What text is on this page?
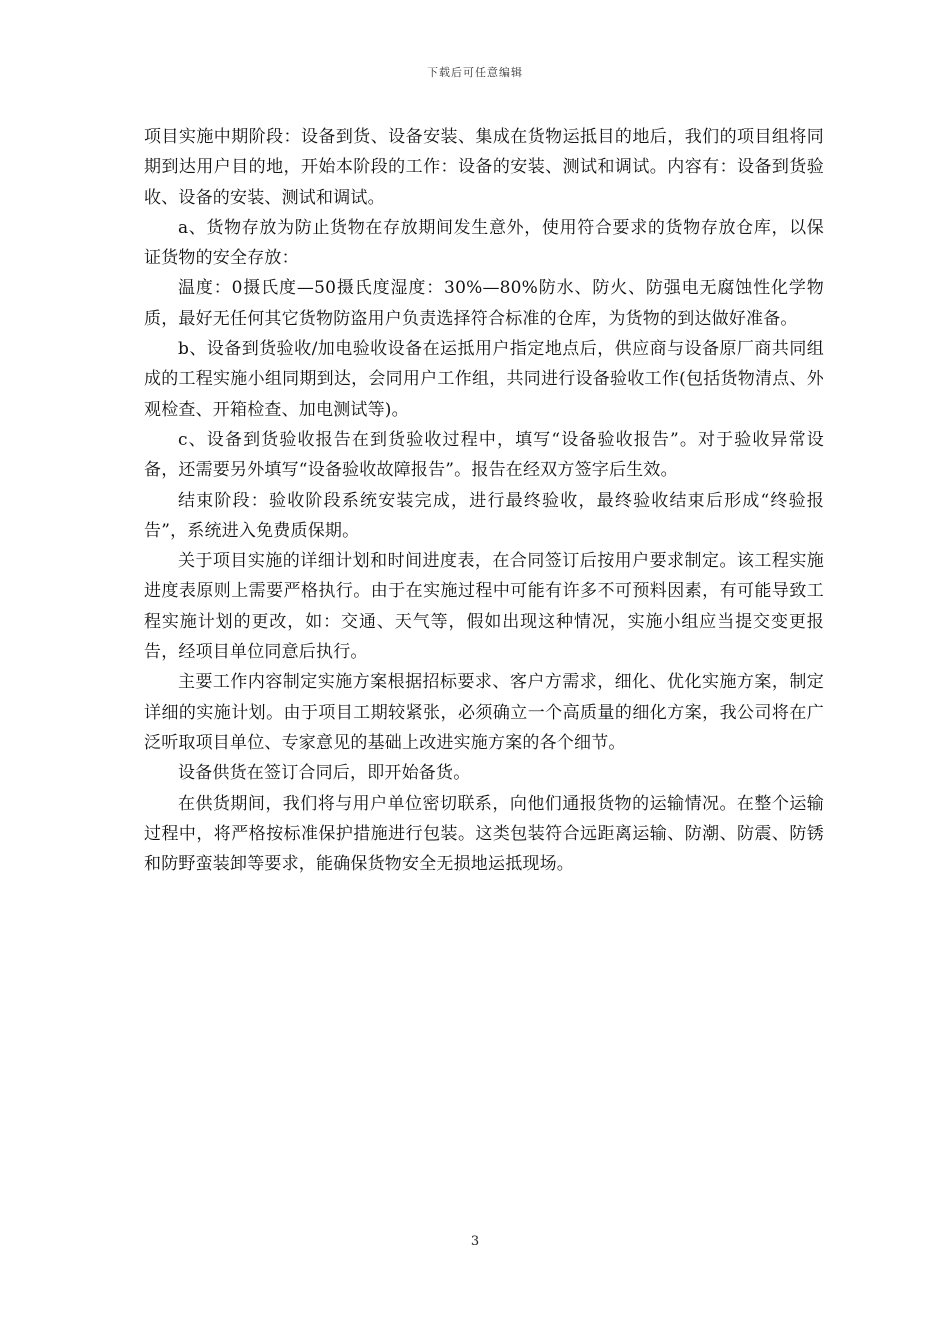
下载后可任意编辑

项目实施中期阶段：设备到货、设备安装、集成在货物运抵目的地后，我们的项目组将同期到达用户目的地，开始本阶段的工作：设备的安装、测试和调试。内容有：设备到货验收、设备的安装、测试和调试。

a、货物存放为防止货物在存放期间发生意外，使用符合要求的货物存放仓库，以保证货物的安全存放：

温度：0摄氏度—50摄氏度湿度：30%—80%防水、防火、防强电无腐蚀性化学物质，最好无任何其它货物防盗用户负责选择符合标准的仓库，为货物的到达做好准备。

b、设备到货验收/加电验收设备在运抵用户指定地点后，供应商与设备原厂商共同组成的工程实施小组同期到达，会同用户工作组，共同进行设备验收工作(包括货物清点、外观检查、开箱检查、加电测试等)。

c、设备到货验收报告在到货验收过程中，填写“设备验收报告”。对于验收异常设备，还需要另外填写“设备验收故障报告”。报告在经双方签字后生效。

结束阶段：验收阶段系统安装完成，进行最终验收，最终验收结束后形成“终验报告”，系统进入免费质保期。

关于项目实施的详细计划和时间进度表，在合同签订后按用户要求制定。该工程实施进度表原则上需要严格执行。由于在实施过程中可能有许多不可预料因素，有可能导致工程实施计划的更改，如：交通、天气等，假如出现这种情况，实施小组应当提交变更报告，经项目单位同意后执行。

主要工作内容制定实施方案根据招标要求、客户方需求，细化、优化实施方案，制定详细的实施计划。由于项目工期较紧张，必须确立一个高质量的细化方案，我公司将在广泛听取项目单位、专家意见的基础上改进实施方案的各个细节。

设备供货在签订合同后，即开始备货。

在供货期间，我们将与用户单位密切联系，向他们通报货物的运输情况。在整个运输过程中，将严格按标准保护措施进行包装。这类包装符合远距离运输、防潮、防震、防锈和防野蛮装卸等要求，能确保货物安全无损地运抵现场。

3
